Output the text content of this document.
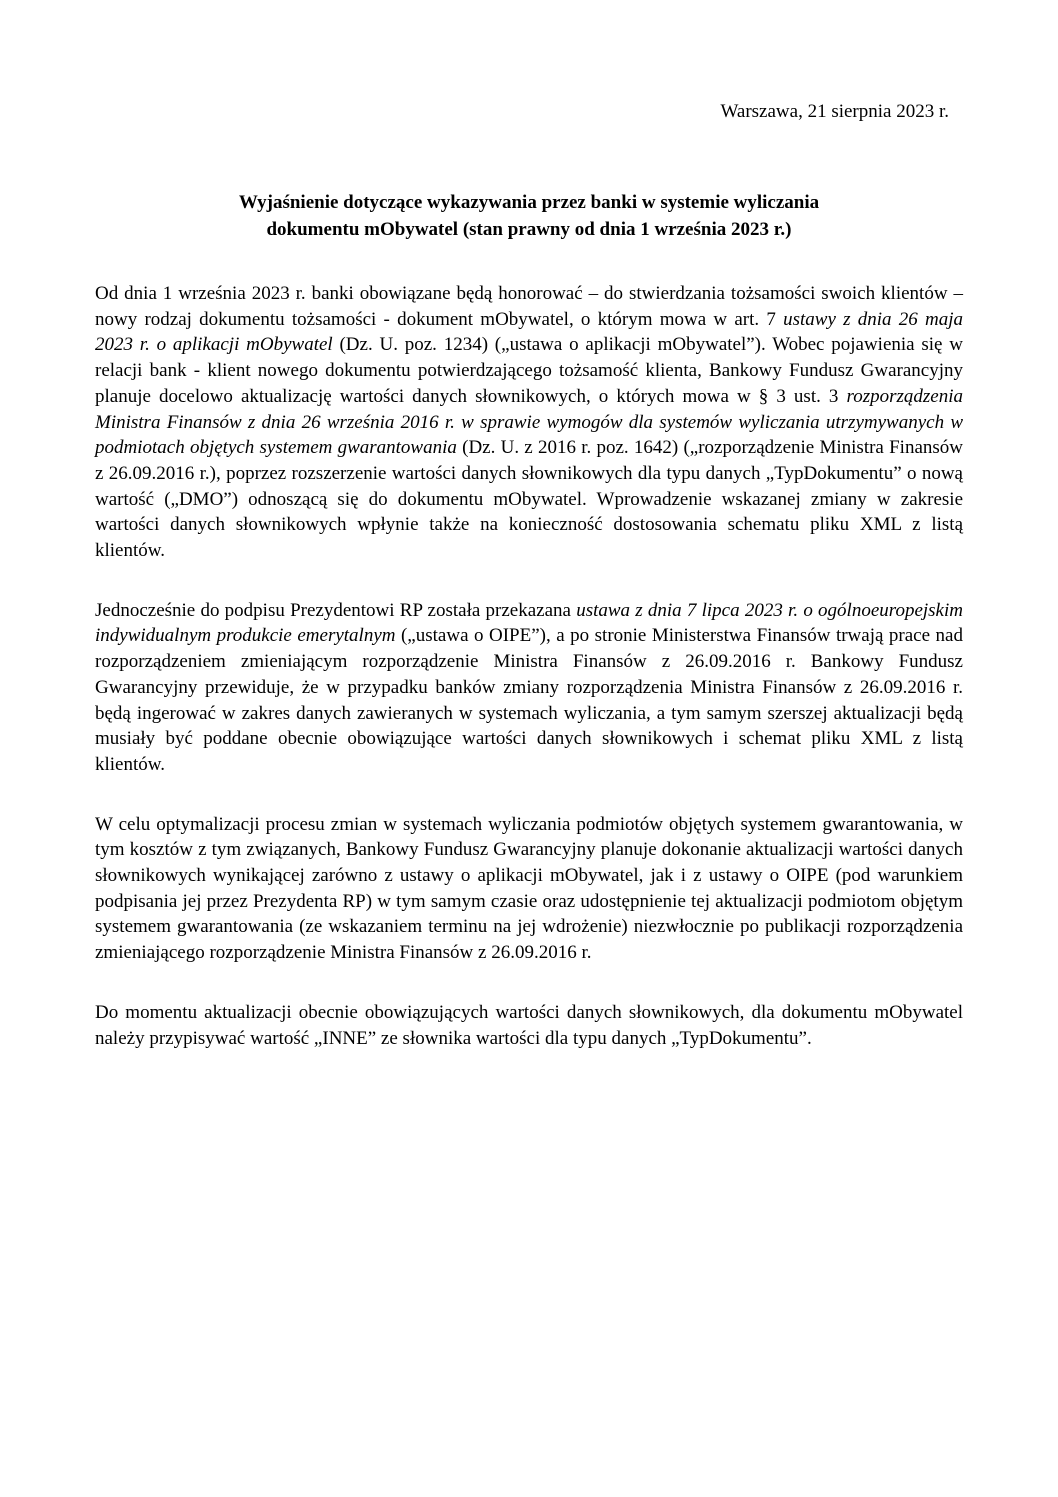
Warszawa, 21 sierpnia 2023 r.
Wyjaśnienie dotyczące wykazywania przez banki w systemie wyliczania
dokumentu mObywatel (stan prawny od dnia 1 września 2023 r.)

Od dnia 1 września 2023 r. banki obowiązane będą honorować – do stwierdzania tożsamości swoich klientów – nowy rodzaj dokumentu tożsamości - dokument mObywatel, o którym mowa w art. 7 ustawy z dnia 26 maja 2023 r. o aplikacji mObywatel (Dz. U. poz. 1234) („ustawa o aplikacji mObywatel”). Wobec pojawienia się w relacji bank - klient nowego dokumentu potwierdzającego tożsamość klienta, Bankowy Fundusz Gwarancyjny planuje docelowo aktualizację wartości danych słownikowych, o których mowa w § 3 ust. 3 rozporządzenia Ministra Finansów z dnia 26 września 2016 r. w sprawie wymogów dla systemów wyliczania utrzymywanych w podmiotach objętych systemem gwarantowania (Dz. U. z 2016 r. poz. 1642) („rozporządzenie Ministra Finansów z 26.09.2016 r.), poprzez rozszerzenie wartości danych słownikowych dla typu danych „TypDokumentu” o nową wartość („DMO”) odnoszącą się do dokumentu mObywatel. Wprowadzenie wskazanej zmiany w zakresie wartości danych słownikowych wpłynie także na konieczność dostosowania schematu pliku XML z listą klientów.

Jednocześnie do podpisu Prezydentowi RP została przekazana ustawa z dnia 7 lipca 2023 r. o ogólnoeuropejskim indywidualnym produkcie emerytalnym („ustawa o OIPE”), a po stronie Ministerstwa Finansów trwają prace nad rozporządzeniem zmieniającym rozporządzenie Ministra Finansów z 26.09.2016 r. Bankowy Fundusz Gwarancyjny przewiduje, że w przypadku banków zmiany rozporządzenia Ministra Finansów z 26.09.2016 r. będą ingerować w zakres danych zawieranych w systemach wyliczania, a tym samym szerszej aktualizacji będą musiały być poddane obecnie obowiązujące wartości danych słownikowych i schemat pliku XML z listą klientów.

W celu optymalizacji procesu zmian w systemach wyliczania podmiotów objętych systemem gwarantowania, w tym kosztów z tym związanych, Bankowy Fundusz Gwarancyjny planuje dokonanie aktualizacji wartości danych słownikowych wynikającej zarówno z ustawy o aplikacji mObywatel, jak i z ustawy o OIPE (pod warunkiem podpisania jej przez Prezydenta RP) w tym samym czasie oraz udostępnienie tej aktualizacji podmiotom objętym systemem gwarantowania (ze wskazaniem terminu na jej wdrożenie) niezwłocznie po publikacji rozporządzenia zmieniającego rozporządzenie Ministra Finansów z 26.09.2016 r.

Do momentu aktualizacji obecnie obowiązujących wartości danych słownikowych, dla dokumentu mObywatel należy przypisywać wartość „INNE” ze słownika wartości dla typu danych „TypDokumentu”.
